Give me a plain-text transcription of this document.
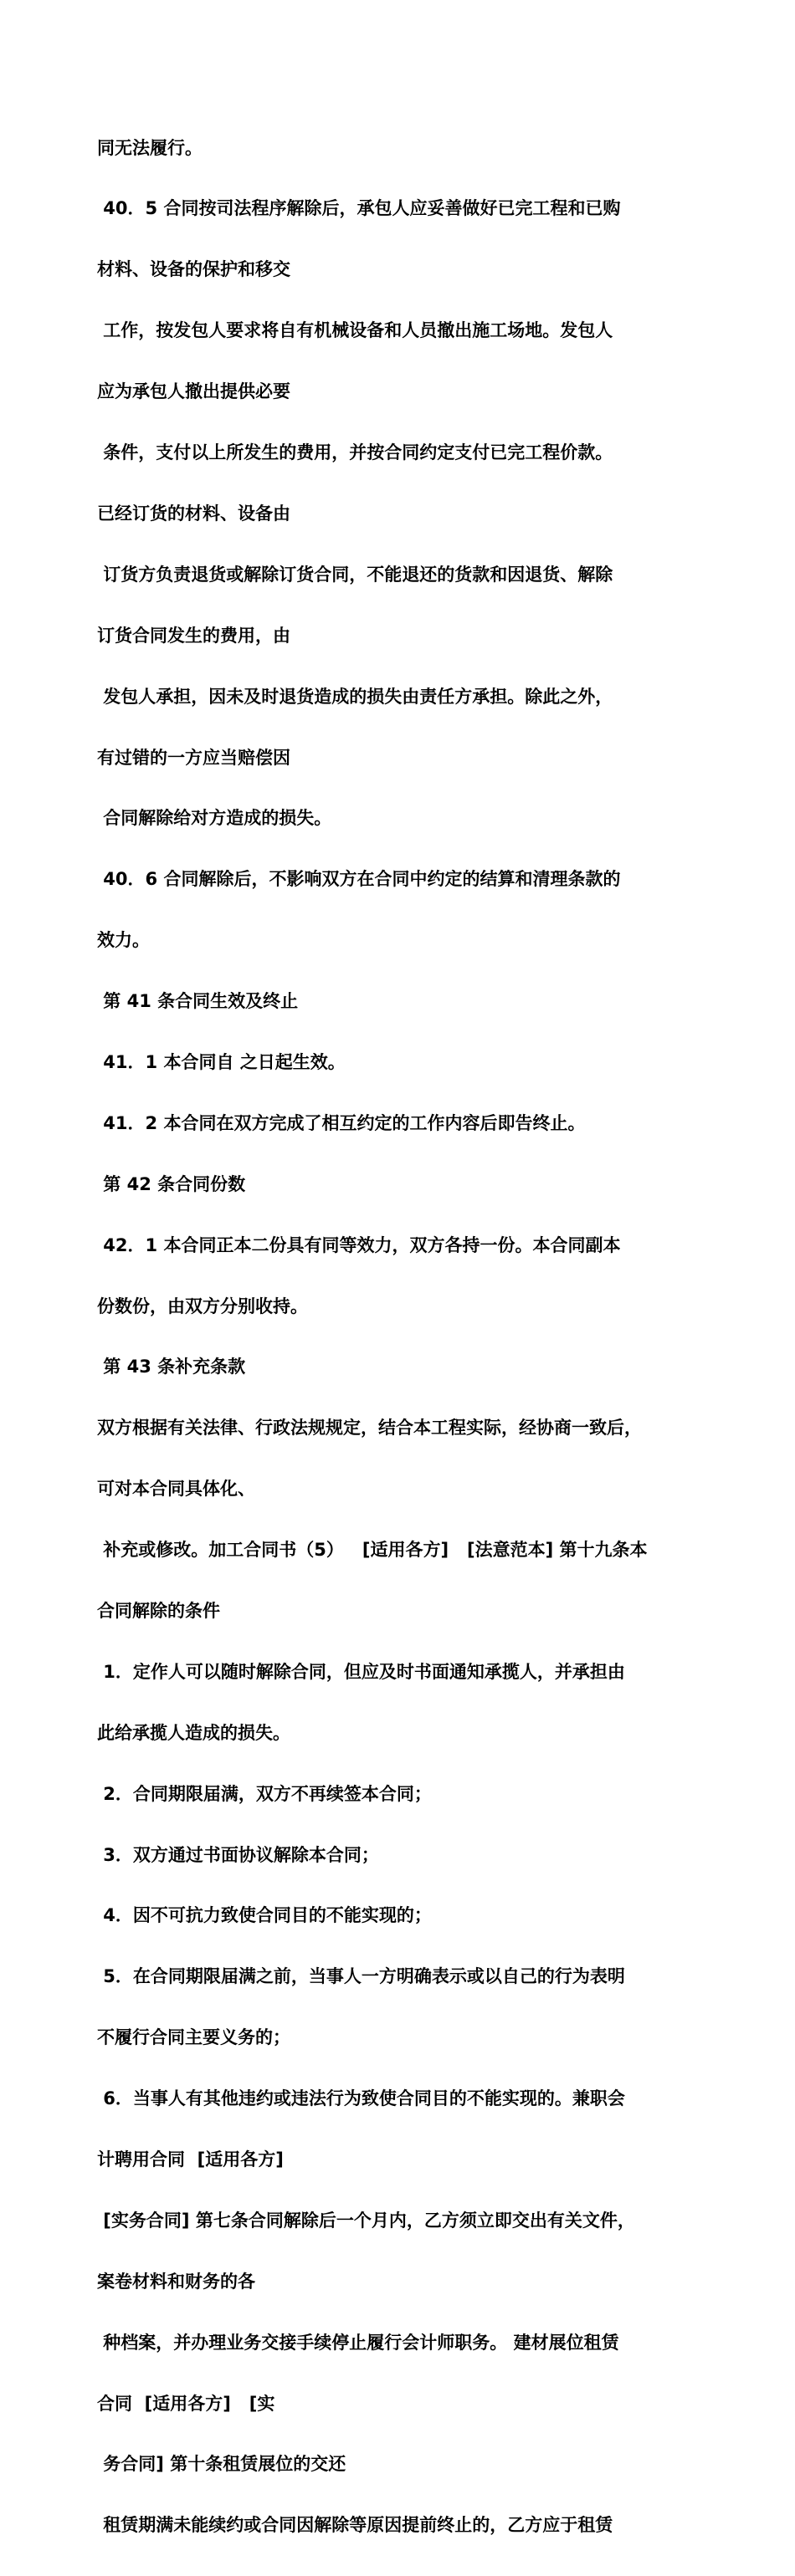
同无法履行。

40．5 合同按司法程序解除后，承包人应妥善做好已完工程和已购

材料、设备的保护和移交

工作，按发包人要求将自有机械设备和人员撤出施工场地。发包人

应为承包人撤出提供必要

条件，支付以上所发生的费用，并按合同约定支付已完工程价款。

已经订货的材料、设备由

订货方负责退货或解除订货合同，不能退还的货款和因退货、解除

订货合同发生的费用，由

发包人承担，因未及时退货造成的损失由责任方承担。除此之外，

有过错的一方应当赔偿因

合同解除给对方造成的损失。

40．6 合同解除后，不影响双方在合同中约定的结算和清理条款的

效力。

第 41 条合同生效及终止

41．1 本合同自 之日起生效。

41．2 本合同在双方完成了相互约定的工作内容后即告终止。

第 42 条合同份数

42．1 本合同正本二份具有同等效力，双方各持一份。本合同副本

份数份，由双方分别收持。

第 43 条补充条款

双方根据有关法律、行政法规规定，结合本工程实际，经协商一致后，

可对本合同具体化、

补充或修改。加工合同书（5）   [适用各方]   [法意范本] 第十九条本

合同解除的条件

1．定作人可以随时解除合同，但应及时书面通知承揽人，并承担由

此给承揽人造成的损失。

2．合同期限届满，双方不再续签本合同；

3．双方通过书面协议解除本合同；

4．因不可抗力致使合同目的不能实现的；

5．在合同期限届满之前，当事人一方明确表示或以自己的行为表明

不履行合同主要义务的；

6．当事人有其他违约或违法行为致使合同目的不能实现的。兼职会

计聘用合同  [适用各方]

[实务合同] 第七条合同解除后一个月内，乙方须立即交出有关文件，

案卷材料和财务的各

种档案，并办理业务交接手续停止履行会计师职务。 建材展位租赁

合同  [适用各方]   [实

务合同] 第十条租赁展位的交还

租赁期满未能续约或合同因解除等原因提前终止的，乙方应于租赁
